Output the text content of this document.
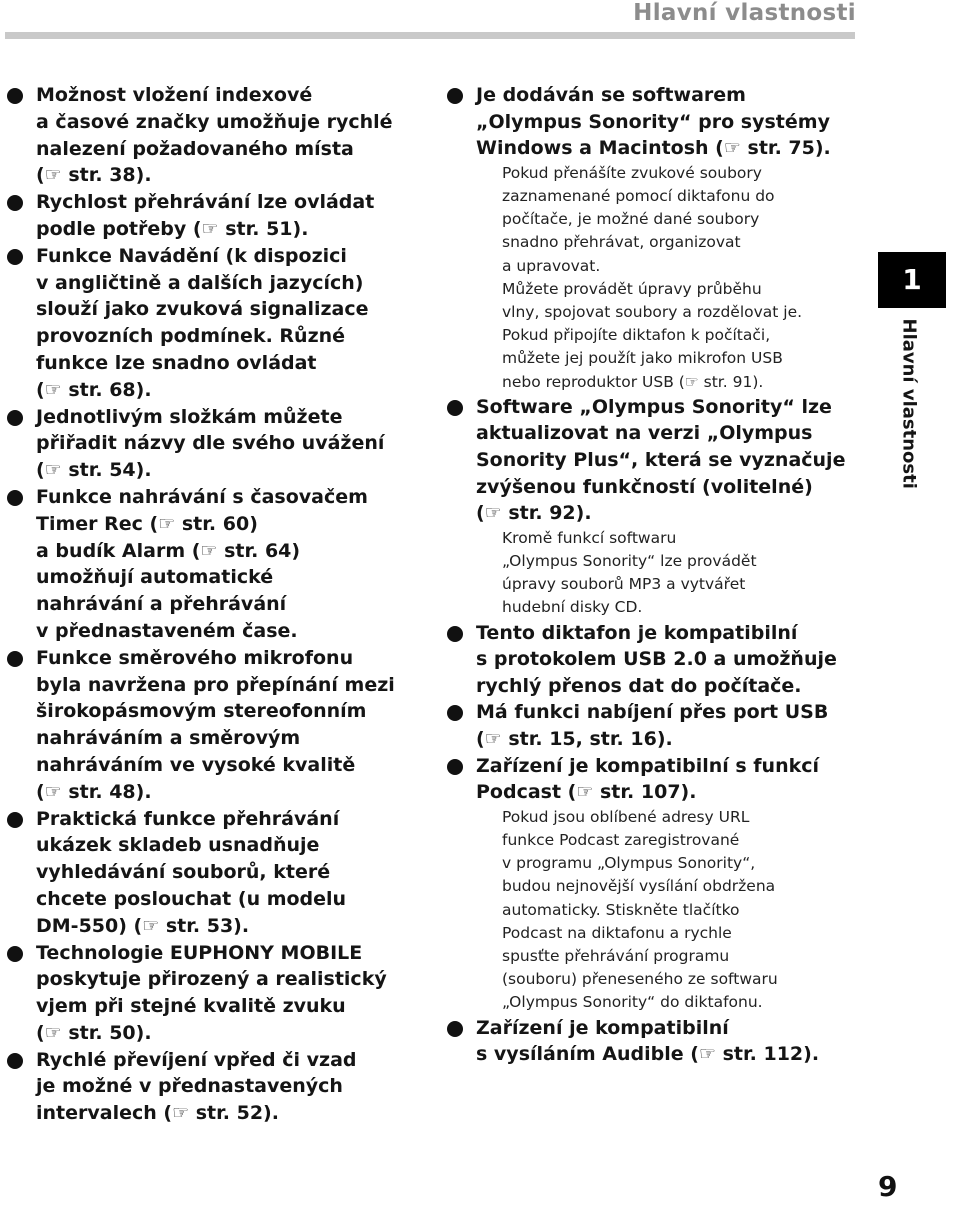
Hlavní vlastnosti
Možnost vložení indexové
a časové značky umožňuje rychlé
nalezení požadovaného místa
(☞ str. 38).
Rychlost přehrávání lze ovládat
podle potřeby (☞ str. 51).
Funkce Navádění (k dispozici
v angličtině a dalších jazycích)
slouží jako zvuková signalizace
provozních podmínek. Různé
funkce lze snadno ovládat
(☞ str. 68).
Jednotlivým složkám můžete
přiřadit názvy dle svého uvážení
(☞ str. 54).
Funkce nahrávání s časovačem
Timer Rec (☞ str. 60)
a budík Alarm (☞ str. 64)
umožňují automatické
nahrávání a přehrávání
v přednastaveném čase.
Funkce směrového mikrofonu
byla navržena pro přepínání mezi
širokopásmovým stereofonním
nahráváním a směrovým
nahráváním ve vysoké kvalitě
(☞ str. 48).
Praktická funkce přehrávání
ukázek skladeb usnadňuje
vyhledávání souborů, které
chcete poslouchat (u modelu
DM-550) (☞ str. 53).
Technologie EUPHONY MOBILE
poskytuje přirozený a realistický
vjem při stejné kvalitě zvuku
(☞ str. 50).
Rychlé převíjení vpřed či vzad
je možné v přednastavených
intervalech (☞ str. 52).
Je dodáván se softwarem
„Olympus Sonority“ pro systémy
Windows a Macintosh (☞ str. 75).
Pokud přenášíte zvukové soubory
zaznamenané pomocí diktafonu do
počítače, je možné dané soubory
snadno přehrávat, organizovat
a upravovat.
Můžete provádět úpravy průběhu
vlny, spojovat soubory a rozdělovat je.
Pokud připojíte diktafon k počítači,
můžete jej použít jako mikrofon USB
nebo reproduktor USB (☞ str. 91).
Software „Olympus Sonority“ lze
aktualizovat na verzi „Olympus
Sonority Plus“, která se vyznačuje
zvýšenou funkčností (volitelné)
(☞ str. 92).
Kromě funkcí softwaru
„Olympus Sonority“ lze provádět
úpravy souborů MP3 a vytvářet
hudební disky CD.
Tento diktafon je kompatibilní
s protokolem USB 2.0 a umožňuje
rychlý přenos dat do počítače.
Má funkci nabíjení přes port USB
(☞ str. 15, str. 16).
Zařízení je kompatibilní s funkcí
Podcast (☞ str. 107).
Pokud jsou oblíbené adresy URL
funkce Podcast zaregistrované
v programu „Olympus Sonority“,
budou nejnovější vysílání obdržena
automaticky. Stiskněte tlačítko
Podcast na diktafonu a rychle
spusťte přehrávání programu
(souboru) přeneseného ze softwaru
„Olympus Sonority“ do diktafonu.
Zařízení je kompatibilní
s vysíláním Audible (☞ str. 112).
1
Hlavní vlastnosti
9
